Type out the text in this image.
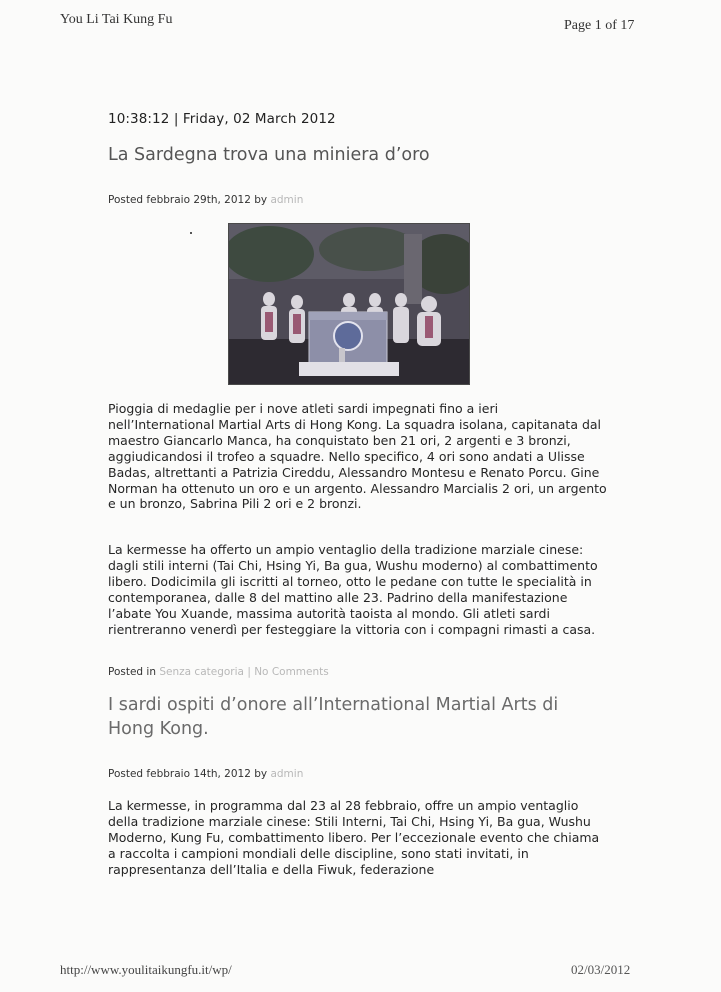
You Li Tai Kung Fu	Page 1 of 17
10:38:12 | Friday, 02 March 2012
La Sardegna trova una miniera d’oro
Posted febbraio 29th, 2012 by admin

Pioggia di medaglie per i nove atleti sardi impegnati fino a ieri nell’International Martial Arts di Hong Kong. La squadra isolana, capitanata dal maestro Giancarlo Manca, ha conquistato ben 21 ori, 2 argenti e 3 bronzi, aggiudicandosi il trofeo a squadre. Nello specifico, 4 ori sono andati a Ulisse Badas, altrettanti a Patrizia Cireddu, Alessandro Montesu e Renato Porcu. Gine Norman ha ottenuto un oro e un argento. Alessandro Marcialis 2 ori, un argento e un bronzo, Sabrina Pili 2 ori e 2 bronzi.

La kermesse ha offerto un ampio ventaglio della tradizione marziale cinese: dagli stili interni (Tai Chi, Hsing Yi, Ba gua, Wushu moderno) al combattimento libero. Dodicimila gli iscritti al torneo, otto le pedane con tutte le specialità in contemporanea, dalle 8 del mattino alle 23. Padrino della manifestazione l’abate You Xuande, massima autorità taoista al mondo. Gli atleti sardi rientreranno venerdì per festeggiare la vittoria con i compagni rimasti a casa.

Posted in Senza categoria | No Comments
I sardi ospiti d’onore all’International Martial Arts di Hong Kong.
Posted febbraio 14th, 2012 by admin

La kermesse, in programma dal 23 al 28 febbraio, offre un ampio ventaglio della tradizione marziale cinese: Stili Interni, Tai Chi, Hsing Yi, Ba gua, Wushu Moderno, Kung Fu, combattimento libero. Per l’eccezionale evento che chiama a raccolta i campioni mondiali delle discipline, sono stati invitati, in rappresentanza dell’Italia e della Fiwuk, federazione

http://www.youlitaikungfu.it/wp/	02/03/2012
